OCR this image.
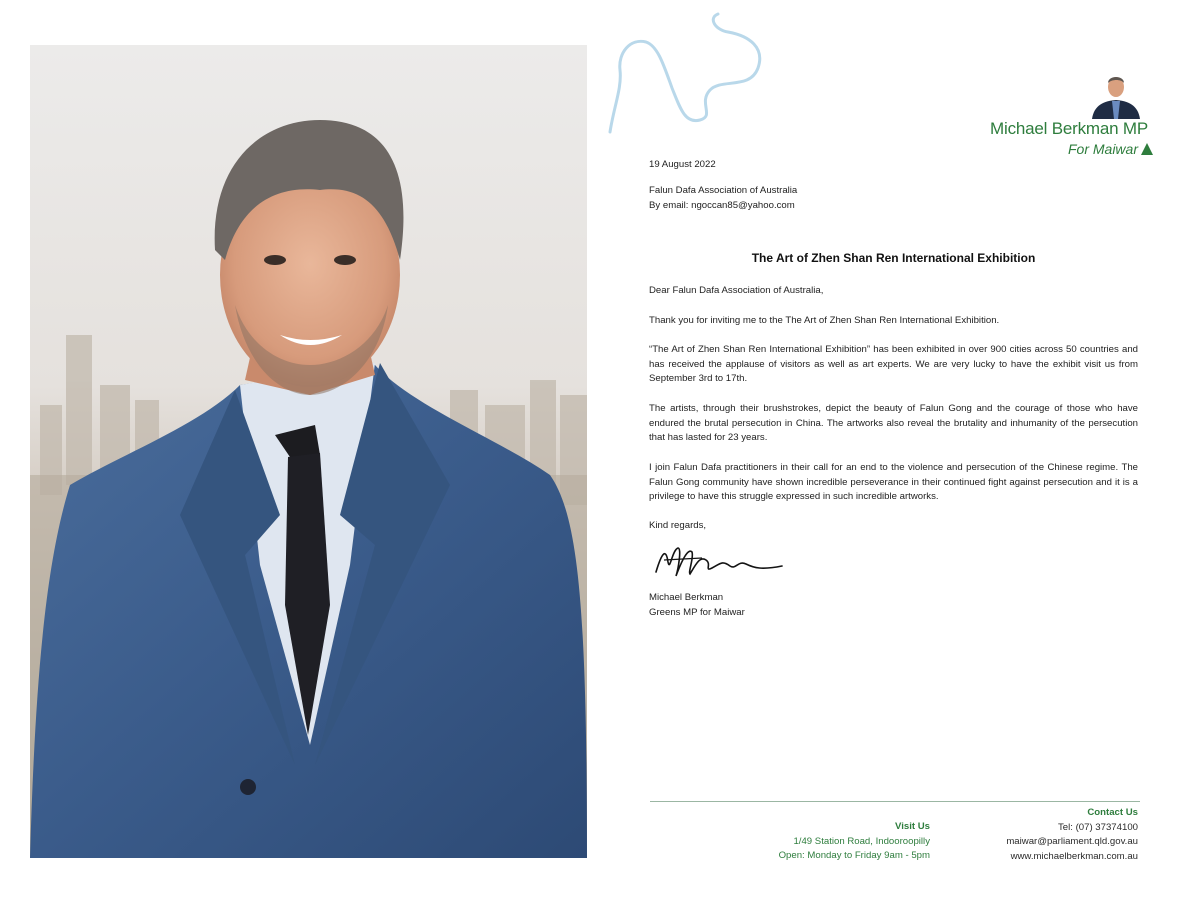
Michael Berkman MP
For Maiwar
19 August 2022
Falun Dafa Association of Australia
By email: ngoccan85@yahoo.com
The Art of Zhen Shan Ren International Exhibition
Dear Falun Dafa Association of Australia,
Thank you for inviting me to the The Art of Zhen Shan Ren International Exhibition.
“The Art of Zhen Shan Ren International Exhibition” has been exhibited in over 900 cities across 50 countries and has received the applause of visitors as well as art experts. We are very lucky to have the exhibit visit us from September 3rd to 17th.
The artists, through their brushstrokes, depict the beauty of Falun Gong and the courage of those who have endured the brutal persecution in China. The artworks also reveal the brutality and inhumanity of the persecution that has lasted for 23 years.
I join Falun Dafa practitioners in their call for an end to the violence and persecution of the Chinese regime. The Falun Gong community have shown incredible perseverance in their continued fight against persecution and it is a privilege to have this struggle expressed in such incredible artworks.
Kind regards,
Michael Berkman
Greens MP for Maiwar
Visit Us
1/49 Station Road, Indooroopilly
Open: Monday to Friday 9am - 5pm
Contact Us
Tel: (07) 37374100
maiwar@parliament.qld.gov.au
www.michaelberkman.com.au
